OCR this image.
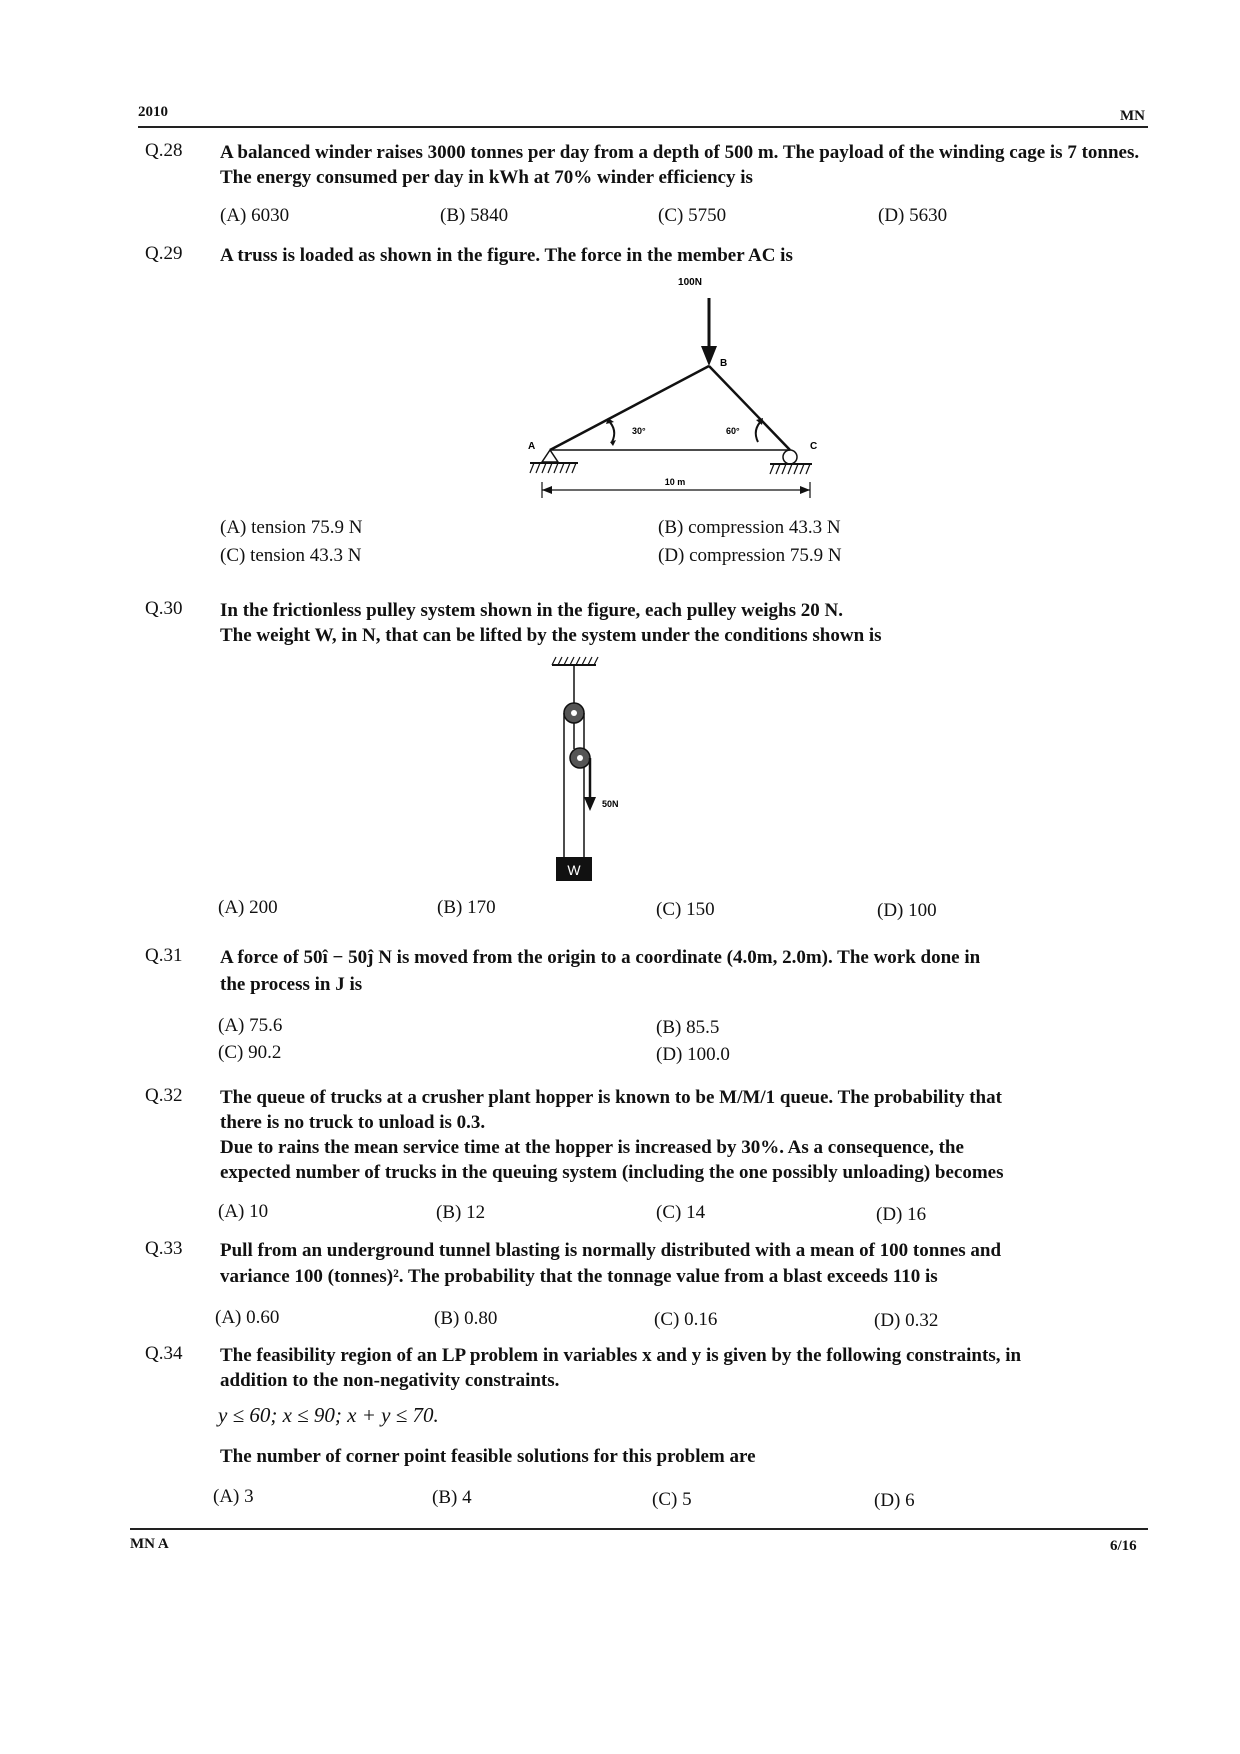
2010	MN
Q.28 A balanced winder raises 3000 tonnes per day from a depth of 500 m. The payload of the winding cage is 7 tonnes. The energy consumed per day in kWh at 70% winder efficiency is
(A) 6030	(B) 5840	(C) 5750	(D) 5630
Q.29 A truss is loaded as shown in the figure. The force in the member AC is
100N
B
A	C
30°	60°
10 m
(A) tension 75.9 N	(B) compression 43.3 N
(C) tension 43.3 N	(D) compression 75.9 N
Q.30 In the frictionless pulley system shown in the figure, each pulley weighs 20 N.
The weight W, in N, that can be lifted by the system under the conditions shown is
50N
W
(A) 200	(B) 170	(C) 150	(D) 100
Q.31 A force of 50î − 50ĵ N is moved from the origin to a coordinate (4.0m, 2.0m). The work done in
the process in J is
(A) 75.6	(B) 85.5
(C) 90.2	(D) 100.0
Q.32 The queue of trucks at a crusher plant hopper is known to be M/M/1 queue. The probability that
there is no truck to unload is 0.3.
Due to rains the mean service time at the hopper is increased by 30%. As a consequence, the
expected number of trucks in the queuing system (including the one possibly unloading) becomes
(A) 10	(B) 12	(C) 14	(D) 16
Q.33 Pull from an underground tunnel blasting is normally distributed with a mean of 100 tonnes and
variance 100 (tonnes)². The probability that the tonnage value from a blast exceeds 110 is
(A) 0.60	(B) 0.80	(C) 0.16	(D) 0.32
Q.34 The feasibility region of an LP problem in variables x and y is given by the following constraints, in
addition to the non-negativity constraints.
y ≤ 60; x ≤ 90; x + y ≤ 70.
The number of corner point feasible solutions for this problem are
(A) 3	(B) 4	(C) 5	(D) 6
MN A	6/16
